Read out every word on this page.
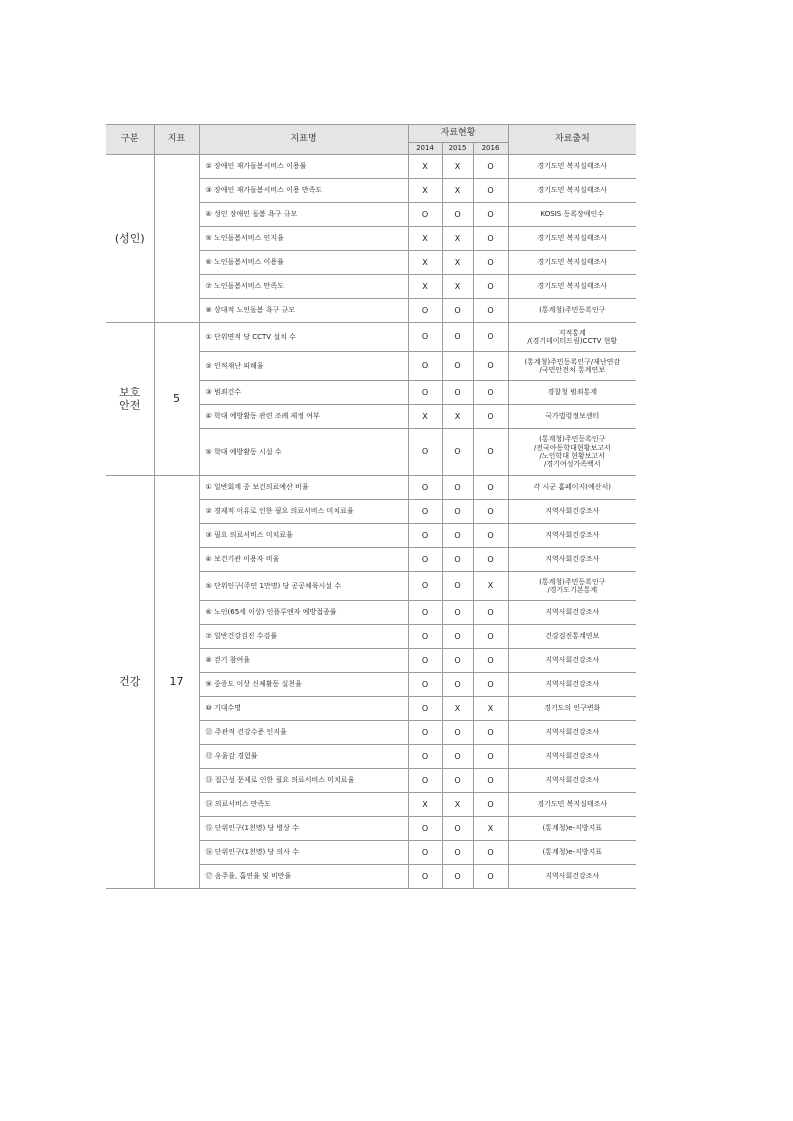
구분	지표	지표명	자료현황			자료출처
			2014	2015	2016	
(성인)		② 장애인 재가돌봄서비스 이용률	X	X	O	경기도민 복지실태조사

		③ 장애인 재가돌봄서비스 이용 만족도	X	X	O	경기도민 복지실태조사

		④ 성인 장애인 돌봄 욕구 규모	O	O	O	KOSIS 등록장애인수

		⑤ 노인돌봄서비스 인지율	X	X	O	경기도민 복지실태조사

		⑥ 노인돌봄서비스 이용률	X	X	O	경기도민 복지실태조사

		⑦ 노인돌봄서비스 만족도	X	X	O	경기도민 복지실태조사

		⑧ 상대적 노인돌봄 욕구 규모	O	O	O	(통계청)주민등록인구

보호
안전	5	① 단위면적 당 CCTV 설치 수	O	O	O	지적통계
/(경기데이터드림)CCTV 현황

		② 인적재난 피해율	O	O	O	(통계청)주민등록인구/재난연감
/국민안전처 통계연보

		③ 범죄건수	O	O	O	경찰청 범죄통계

		④ 학대 예방활동 관련 조례 제정 여부	X	X	O	국가법령정보센터

		⑤ 학대 예방활동 시설 수	O	O	O	(통계청)주민등록인구
/전국아동학대현황보고서
/노인학대 현황보고서
/경기여성가족백서

건강	17	① 일반회계 중 보건의료예산 비율	O	O	O	각 시군 홈페이지(예산서)

		② 경제적 이유로 인한 필요 의료서비스 미치료율	O	O	O	지역사회건강조사

		③ 필요 의료서비스 미치료율	O	O	O	지역사회건강조사

		④ 보건기관 이용자 비율	O	O	O	지역사회건강조사

		⑤ 단위인구(주민 1만명) 당 공공체육시설 수	O	O	X	(통계청)주민등록인구
/경기도기본통계

		⑥ 노인(65세 이상) 인플루엔자 예방접종률	O	O	O	지역사회건강조사

		⑦ 일반건강검진 수검률	O	O	O	건강검진통계연보

		⑧ 걷기 참여율	O	O	O	지역사회건강조사

		⑨ 중증도 이상 신체활동 실천율	O	O	O	지역사회건강조사

		⑩ 기대수명	O	X	X	경기도의 인구변화

		⑪ 주관적 건강수준 인지율	O	O	O	지역사회건강조사

		⑫ 우울감 경험률	O	O	O	지역사회건강조사

		⑬ 접근성 문제로 인한 필요 의료서비스 미치료율	O	O	O	지역사회건강조사

		⑭ 의료서비스 만족도	X	X	O	경기도민 복지실태조사

		⑮ 단위인구(1천명) 당 병상 수	O	O	X	(통계청)e-지방지표

		⑯ 단위인구(1천명) 당 의사 수	O	O	O	(통계청)e-지방지표

		⑰ 음주율, 흡연율 및 비만율	O	O	O	지역사회건강조사
